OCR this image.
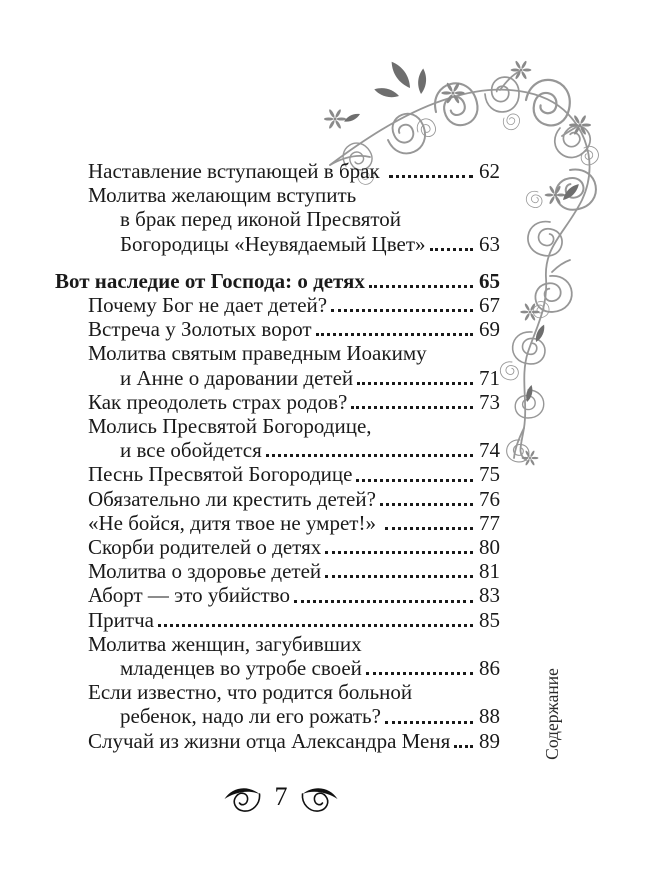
Наставление вступающей в брак	62
Молитва желающим вступить
в брак перед иконой Пресвятой
Богородицы «Неувядаемый Цвет»	63
Вот наследие от Господа: о детях	65
Почему Бог не дает детей?	67
Встреча у Золотых ворот	69
Молитва святым праведным Иоакиму
и Анне о даровании детей	71
Как преодолеть страх родов?	73
Молись Пресвятой Богородице,
и все обойдется	74
Песнь Пресвятой Богородице	75
Обязательно ли крестить детей?	76
«Не бойся, дитя твое не умрет!»	77
Скорби родителей о детях	80
Молитва о здоровье детей	81
Аборт — это убийство	83
Притча	85
Молитва женщин, загубивших
младенцев во утробе своей	86
Если известно, что родится больной
ребенок, надо ли его рожать?	88
Случай из жизни отца Александра Меня 89 Содержание
7
